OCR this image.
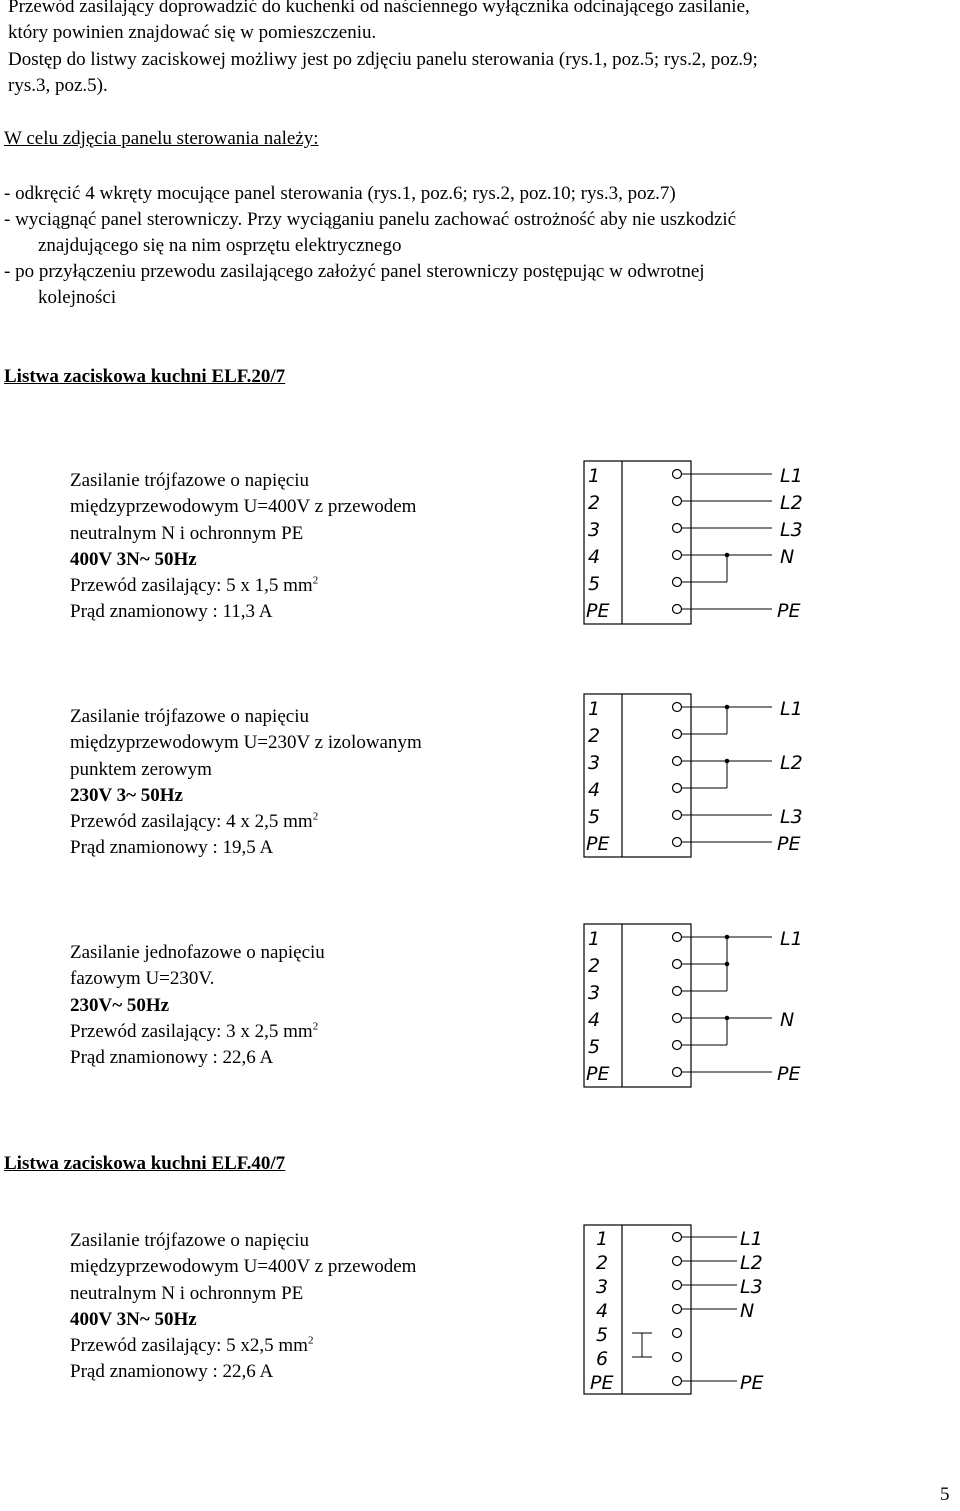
Przewód zasilający doprowadzić do kuchenki od naściennego wyłącznika odcinającego zasilanie,
który powinien znajdować się w pomieszczeniu.
Dostęp do listwy zaciskowej możliwy jest po zdjęciu panelu sterowania (rys.1, poz.5; rys.2, poz.9;
rys.3, poz.5).
W celu zdjęcia panelu sterowania należy:
- odkręcić 4 wkręty mocujące panel sterowania (rys.1, poz.6; rys.2, poz.10; rys.3, poz.7)
- wyciągnąć panel sterowniczy. Przy wyciąganiu panelu zachować ostrożność aby nie uszkodzić
znajdującego się na nim osprzętu elektrycznego
- po przyłączeniu przewodu zasilającego założyć panel sterowniczy postępując w odwrotnej
kolejności
Listwa zaciskowa kuchni ELF.20/7
Zasilanie trójfazowe o napięciu
międzyprzewodowym U=400V z przewodem
neutralnym N i ochronnym PE
400V 3N~ 50Hz
Przewód zasilający: 5 x 1,5 $mm^2$
Prąd znamionowy : 11,3 A
1
2
3
4
5
PE
L1
L2
L3
N
PE
Zasilanie trójfazowe o napięciu
międzyprzewodowym U=230V z izolowanym
punktem zerowym
230V 3~ 50Hz
Przewód zasilający: 4 x 2,5 $mm^2$
Prąd znamionowy : 19,5 A
1
2
3
4
5
PE
L1
L2
L3
PE
Zasilanie jednofazowe o napięciu
fazowym U=230V.
230V~ 50Hz
Przewód zasilający: 3 x 2,5 $mm^2$
Prąd znamionowy : 22,6 A
1
2
3
4
5
PE
L1
N
PE
Listwa zaciskowa kuchni ELF.40/7
Zasilanie trójfazowe o napięciu
międzyprzewodowym U=400V z przewodem
neutralnym N i ochronnym PE
400V 3N~ 50Hz
Przewód zasilający: 5 x2,5 $mm^2$
Prąd znamionowy : 22,6 A
1
2
3
4
5
6
PE
L1
L2
L3
N
PE
5
